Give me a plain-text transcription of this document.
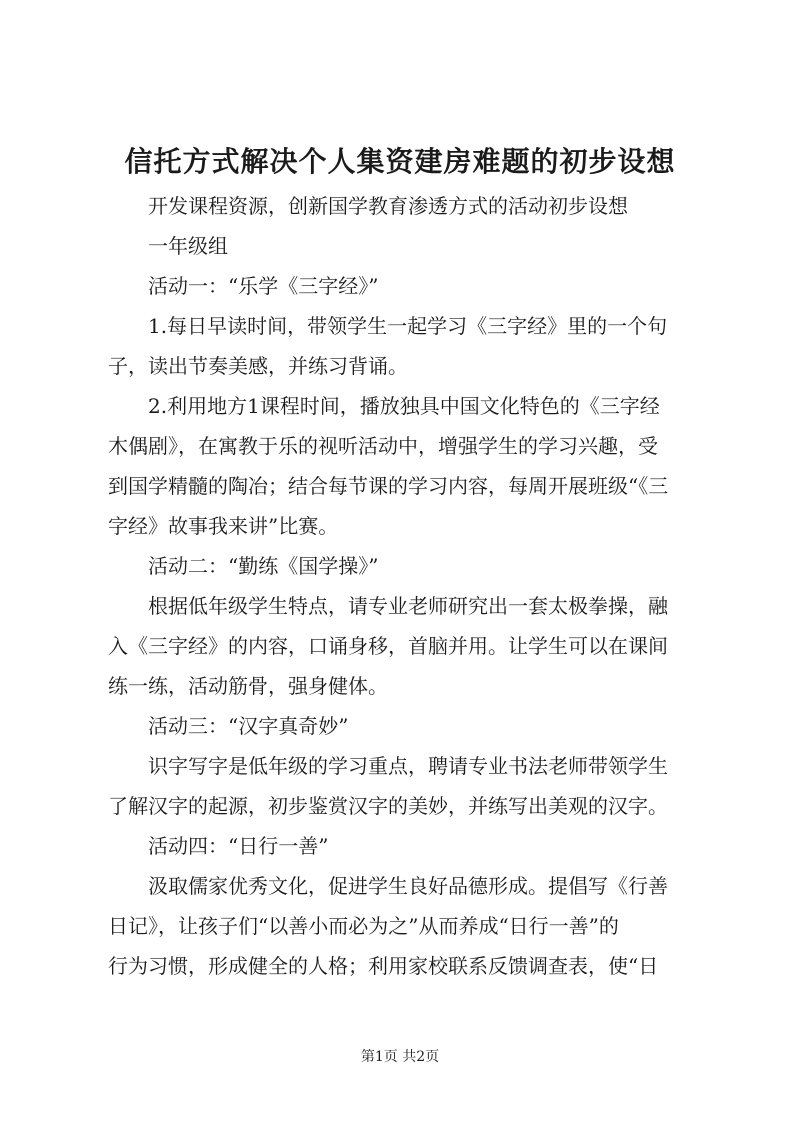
信托方式解决个人集资建房难题的初步设想
开发课程资源，创新国学教育渗透方式的活动初步设想
一年级组
活动一：“乐学《三字经》”
1.每日早读时间，带领学生一起学习《三字经》里的一个句
子，读出节奏美感，并练习背诵。
2.利用地方1课程时间，播放独具中国文化特色的《三字经
木偶剧》，在寓教于乐的视听活动中，增强学生的学习兴趣，受
到国学精髓的陶冶；结合每节课的学习内容，每周开展班级“《三
字经》故事我来讲”比赛。
活动二：“勤练《国学操》”
根据低年级学生特点，请专业老师研究出一套太极拳操，融
入《三字经》的内容，口诵身移，首脑并用。让学生可以在课间
练一练，活动筋骨，强身健体。
活动三：“汉字真奇妙”
识字写字是低年级的学习重点，聘请专业书法老师带领学生
了解汉字的起源，初步鉴赏汉字的美妙，并练写出美观的汉字。
活动四：“日行一善”
汲取儒家优秀文化，促进学生良好品德形成。提倡写《行善
日记》，让孩子们“以善小而必为之”从而养成“日行一善”的
行为习惯，形成健全的人格；利用家校联系反馈调查表，使“日
第1页 共2页
